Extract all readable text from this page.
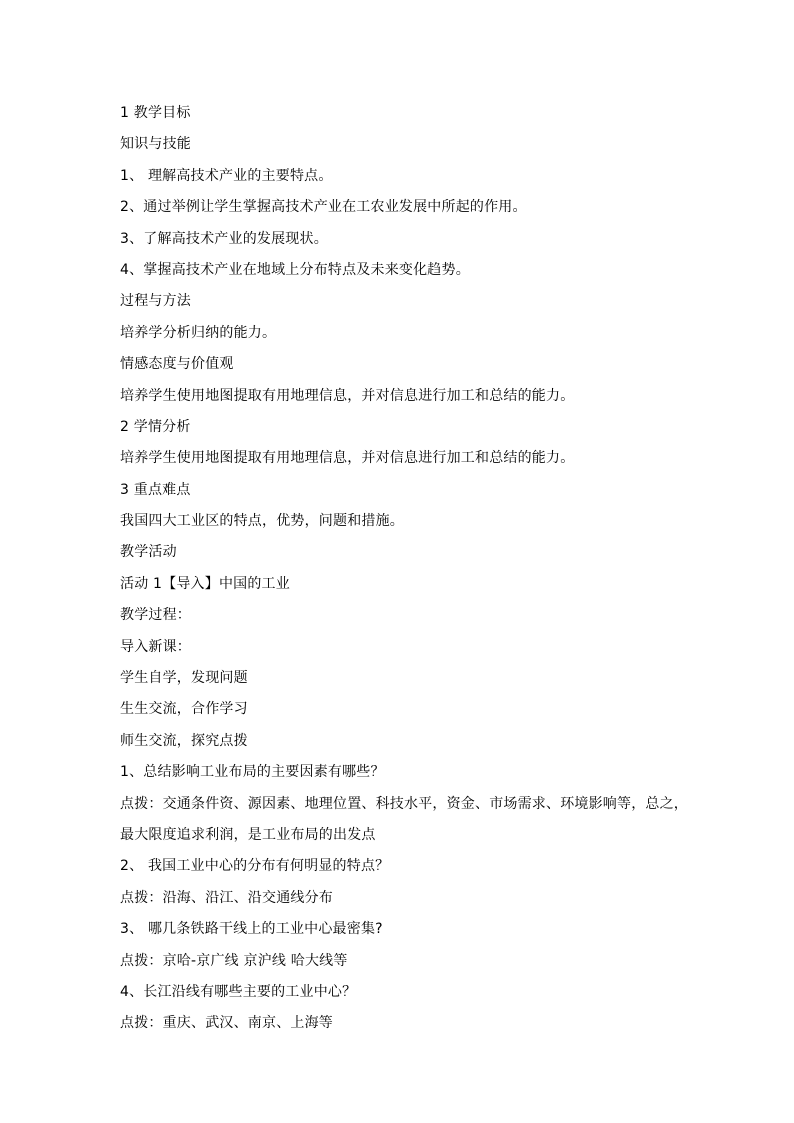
1 教学目标
知识与技能
1、 理解高技术产业的主要特点。
2、通过举例让学生掌握高技术产业在工农业发展中所起的作用。
3、了解高技术产业的发展现状。
4、掌握高技术产业在地域上分布特点及未来变化趋势。
过程与方法
培养学分析归纳的能力。
情感态度与价值观
培养学生使用地图提取有用地理信息，并对信息进行加工和总结的能力。
2 学情分析
培养学生使用地图提取有用地理信息，并对信息进行加工和总结的能力。
3 重点难点
我国四大工业区的特点，优势，问题和措施。
教学活动
活动 1【导入】中国的工业
教学过程：
导入新课：
学生自学，发现问题
生生交流，合作学习
师生交流，探究点拨
1、总结影响工业布局的主要因素有哪些？
点拨：交通条件资、源因素、地理位置、科技水平，资金、市场需求、环境影响等，总之，
最大限度追求利润，是工业布局的出发点
2、 我国工业中心的分布有何明显的特点？
点拨：沿海、沿江、沿交通线分布
3、 哪几条铁路干线上的工业中心最密集?
点拨：京哈-京广线 京沪线 哈大线等
4、长江沿线有哪些主要的工业中心？
点拨：重庆、武汉、南京、上海等
